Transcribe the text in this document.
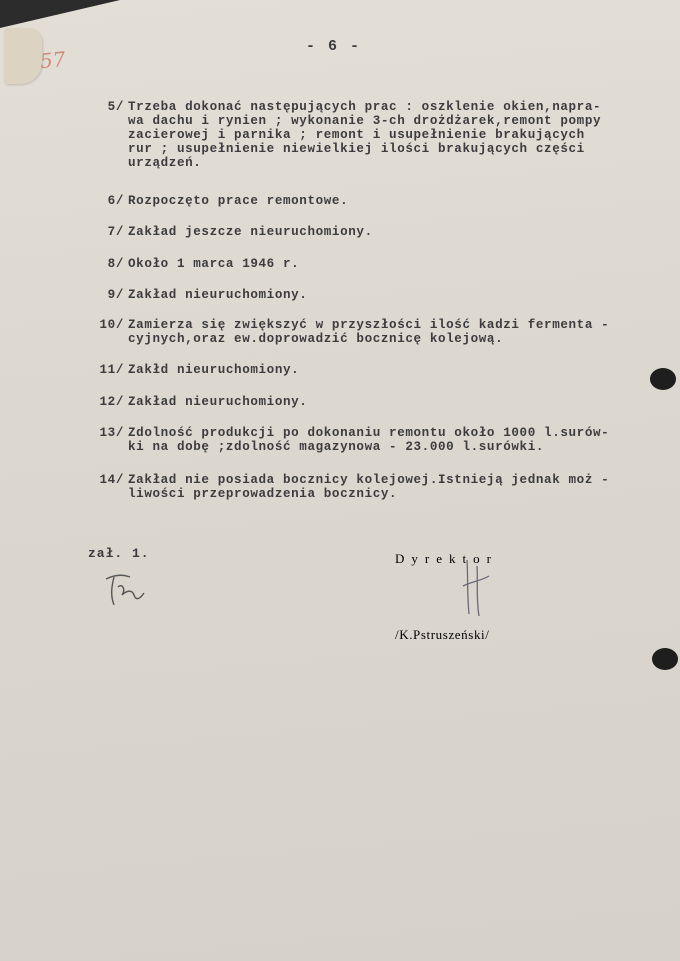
57
- 6 -
5/ Trzeba dokonać następujących prac : oszklenie okien,napra-
wa dachu i rynien ; wykonanie 3-ch drożdżarek,remont pompy
zacierowej i parnika ; remont i usupełnienie brakujących
rur ; usupełnienie niewielkiej ilości brakujących części
urządzeń.
6/ Rozpoczęto prace remontowe.
7/ Zakład jeszcze nieuruchomiony.
8/ Około 1 marca 1946 r.
9/ Zakład nieuruchomiony.
10/ Zamierza się zwiększyć w przyszłości ilość kadzi fermenta -
cyjnych,oraz ew.doprowadzić bocznicę kolejową.
11/ Zakłd nieuruchomiony.
12/ Zakład nieuruchomiony.
13/ Zdolność produkcji po dokonaniu remontu około 1000 l.surów-
ki na dobę ;zdolność magazynowa - 23.000 l.surówki.
14/ Zakład nie posiada bocznicy kolejowej.Istnieją jednak moż -
liwości przeprowadzenia bocznicy.
zał. 1.	Dyrektor
/K.Pstruszeński/
